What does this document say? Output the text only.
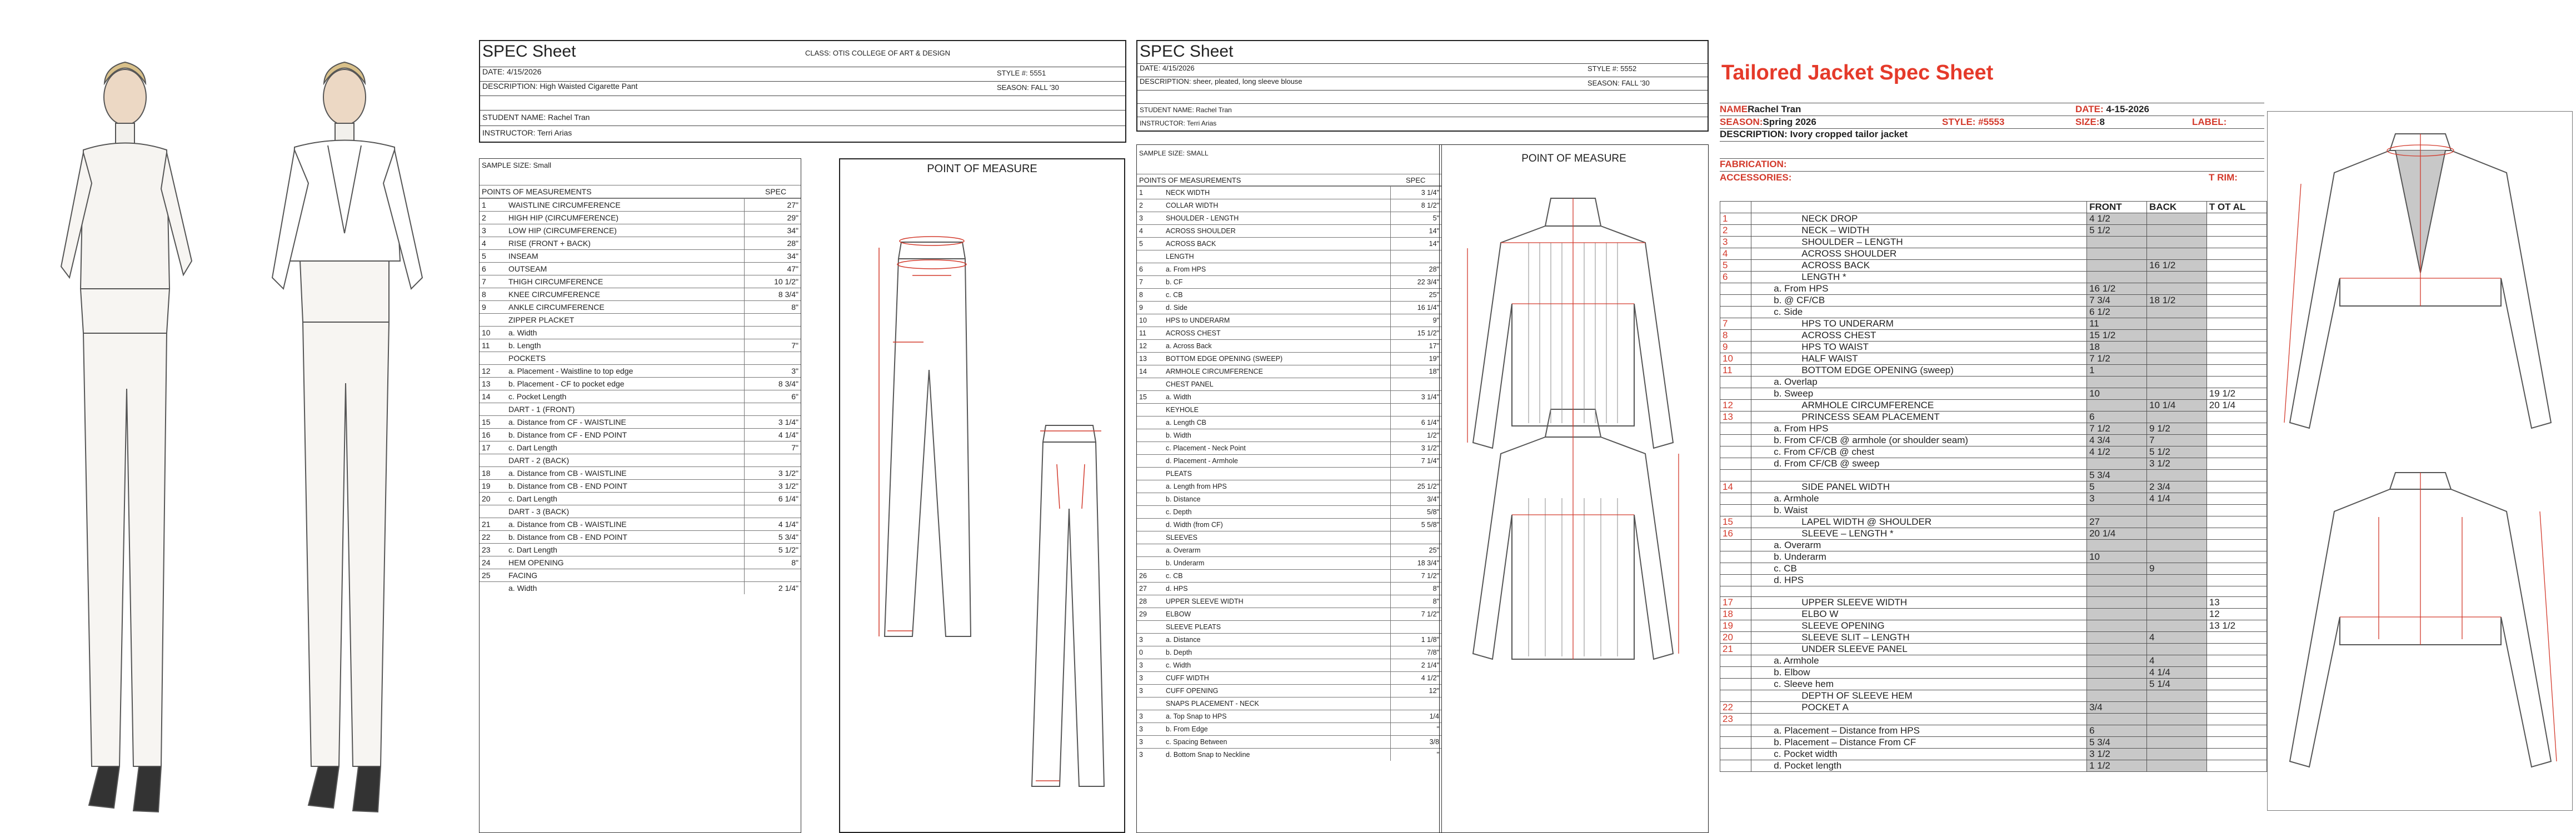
SPEC Sheet	CLASS: OTIS COLLEGE OF ART & DESIGN
DATE: 4/15/2026	STYLE #: 5551
DESCRIPTION: High Waisted Cigarette Pant	SEASON: FALL '30
STUDENT NAME: Rachel Tran
INSTRUCTOR: Terri Arias
SAMPLE SIZE: Small
POINTS OF MEASUREMENTS	SPEC
1	WAISTLINE CIRCUMFERENCE	27"
2	HIGH HIP (CIRCUMFERENCE)	29"
3	LOW HIP (CIRCUMFERENCE)	34"
4	RISE (FRONT + BACK)	28"
5	INSEAM	34"
6	OUTSEAM	47"
7	THIGH CIRCUMFERENCE	10 1/2"
8	KNEE CIRCUMFERENCE	8 3/4"
9	ANKLE CIRCUMFERENCE	8"
	ZIPPER PLACKET	
10	a. Width	
11	b. Length	7"
	POCKETS	
12	a. Placement - Waistline to top edge	3"
13	b. Placement - CF to pocket edge	8 3/4"
14	c. Pocket Length	6"
	DART - 1 (FRONT)	
15	a. Distance from CF - WAISTLINE	3 1/4"
16	b. Distance from CF - END POINT	4 1/4"
17	c. Dart Length	7"
	DART - 2 (BACK)	
18	a. Distance from CB - WAISTLINE	3 1/2"
19	b. Distance from CB - END POINT	3 1/2"
20	c. Dart Length	6 1/4"
	DART - 3 (BACK)	
21	a. Distance from CB - WAISTLINE	4 1/4"
22	b. Distance from CB - END POINT	5 3/4"
23	c. Dart Length	5 1/2"
24	HEM OPENING	8"
25	FACING	
	a. Width	2 1/4"
POINT OF MEASURE
SPEC Sheet
DATE: 4/15/2026	STYLE #: 5552
DESCRIPTION: sheer, pleated, long sleeve blouse	SEASON: FALL '30
STUDENT NAME: Rachel Tran
INSTRUCTOR: Terri Arias
SAMPLE SIZE: SMALL
POINTS OF MEASUREMENTS	SPEC
1	NECK WIDTH	3 1/4"
2	COLLAR WIDTH	8 1/2"
3	SHOULDER - LENGTH	5"
4	ACROSS SHOULDER	14"
5	ACROSS BACK	14"
	LENGTH	
6	a. From HPS	28"
7	b. CF	22 3/4"
8	c. CB	25"
9	d. Side	16 1/4"
10	HPS to UNDERARM	9"
11	ACROSS CHEST	15 1/2"
12	a. Across Back	17"
13	BOTTOM EDGE OPENING (SWEEP)	19"
14	ARMHOLE CIRCUMFERENCE	18"
	CHEST PANEL	
15	a. Width	3 1/4"
	KEYHOLE	
	a. Length CB	6 1/4"
	b. Width	1/2"
	c. Placement - Neck Point	3 1/2"
	d. Placement - Armhole	7 1/4"
	PLEATS	
	a. Length from HPS	25 1/2"
	b. Distance	3/4"
	c. Depth	5/8"
	d. Width (from CF)	5 5/8"
	SLEEVES	
	a. Overarm	25"
	b. Underarm	18 3/4"
26	c. CB	7 1/2"
27	d. HPS	8"
28	UPPER SLEEVE WIDTH	8"
29	ELBOW	7 1/2"
	SLEEVE PLEATS	
3	a. Distance	1 1/8"
0	b. Depth	7/8"
3	c. Width	2 1/4"
3	CUFF WIDTH	4 1/2"
3	CUFF OPENING	12"
	SNAPS PLACEMENT - NECK	
3	a. Top Snap to HPS	1/4
3	b. From Edge	"
3	c. Spacing Between	3/8
3	d. Bottom Snap to Neckline	"
POINT OF MEASURE
Tailored Jacket Spec Sheet
NAMERachel Tran	DATE: 4-15-2026
SEASON:Spring 2026	STYLE: #5553	SIZE:8	LABEL:
DESCRIPTION: Ivory cropped tailor jacket
FABRICATION:
ACCESSORIES:	T RIM:
		FRONT	BACK	T OT AL
1	NECK DROP	4 1/2		
2	NECK – WIDTH	5 1/2		
3	SHOULDER – LENGTH			
4	ACROSS SHOULDER			
5	ACROSS BACK		16 1/2	
6	LENGTH *			
	a. From HPS	16 1/2		
	b. @ CF/CB	7 3/4	18 1/2	
	c. Side	6 1/2		
7	HPS TO UNDERARM	11		
8	ACROSS CHEST	15 1/2		
9	HPS TO WAIST	18		
10	HALF WAIST	7 1/2		
11	BOTTOM EDGE OPENING (sweep)	1		
	a. Overlap			
	b. Sweep	10		19 1/2
12	ARMHOLE CIRCUMFERENCE		10 1/4	20 1/4
13	PRINCESS SEAM PLACEMENT	6		
	a. From HPS	7 1/2	9 1/2	
	b. From CF/CB @ armhole (or shoulder seam)	4 3/4	7	
	c. From CF/CB @ chest	4 1/2	5 1/2	
	d. From CF/CB @ sweep		3 1/2	
		5 3/4		
14	SIDE PANEL WIDTH	5	2 3/4	
	a. Armhole	3	4 1/4	
	b. Waist			
15	LAPEL WIDTH @ SHOULDER	27		
16	SLEEVE – LENGTH *	20 1/4		
	a. Overarm			
	b. Underarm	10		
	c. CB		9	
	d. HPS			

17	UPPER SLEEVE WIDTH			13
18	ELBO W			12
19	SLEEVE OPENING			13 1/2
20	SLEEVE SLIT – LENGTH		4	
21	UNDER SLEEVE PANEL			
	a. Armhole		4	
	b. Elbow		4 1/4	
	c. Sleeve hem		5 1/4	
	DEPTH OF SLEEVE HEM			
22	POCKET A	3/4		
23				
	a. Placement – Distance from HPS	6		
	b. Placement – Distance From CF	5 3/4		
	c. Pocket width	3 1/2		
	d. Pocket length	1 1/2		
